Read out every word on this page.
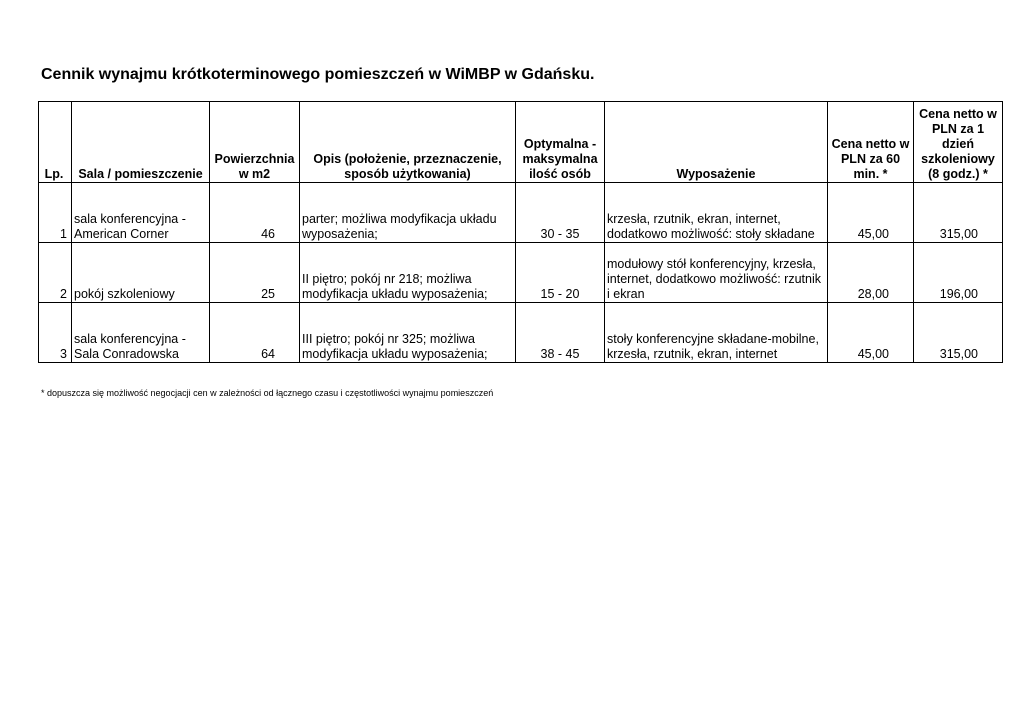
Cennik wynajmu krótkoterminowego pomieszczeń w WiMBP w Gdańsku.
Lp.	Sala / pomieszczenie	Powierzchnia w m2	Opis (położenie, przeznaczenie, sposób użytkowania)	Optymalna - maksymalna ilość osób	Wyposażenie	Cena netto w PLN za 60 min. *	Cena netto w PLN za 1 dzień szkoleniowy (8 godz.) *
1	sala konferencyjna - American Corner	46	parter; możliwa modyfikacja układu wyposażenia;	30 - 35	krzesła, rzutnik, ekran, internet, dodatkowo możliwość: stoły składane	45,00	315,00
2	pokój szkoleniowy	25	II piętro; pokój nr 218; możliwa modyfikacja układu wyposażenia;	15 - 20	modułowy stół konferencyjny, krzesła, internet, dodatkowo możliwość: rzutnik i ekran	28,00	196,00
3	sala konferencyjna - Sala Conradowska	64	III piętro; pokój nr 325; możliwa modyfikacja układu wyposażenia;	38 - 45	stoły konferencyjne składane-mobilne, krzesła, rzutnik, ekran, internet	45,00	315,00

* dopuszcza się możliwość negocjacji cen w zależności od łącznego czasu i częstotliwości wynajmu pomieszczeń
